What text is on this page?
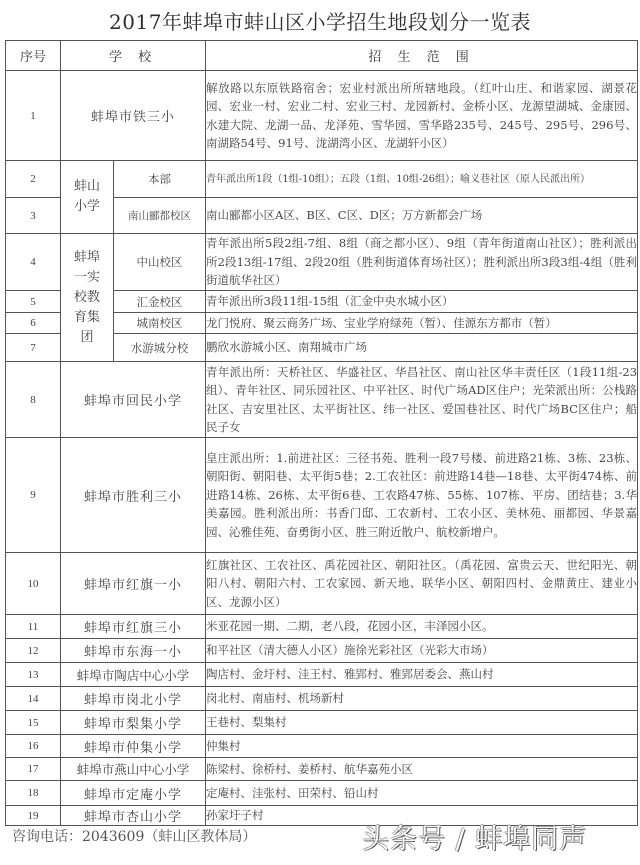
2017年蚌埠市蚌山区小学招生地段划分一览表
序号	学 校		招 生 范 围
1	蚌埠市铁三小		解放路以东原铁路宿舍；宏业村派出所所辖地段。（红叶山庄、和谐家园、湖景花园、宏业一村、宏业二村、宏业三村、龙园新村、金桥小区、龙源望湖城、金康园、水建大院、龙湖一品、龙泽苑、雪华园、雪华路235号、245号、295号、296号、南湖路54号、91号、泷湖湾小区、龙湖轩小区）
2	蚌山小学	本部	青年派出所1段（1组-10组）；五段（1组、10组-26组）；喻义巷社区（原人民派出所）
3		南山郦都校区	南山郦都小区A区、B区、C区、D区；万方新都会广场
4	蚌埠一实校教育集团	中山校区	青年派出所5段2组-7组、8组（商之都小区）、9组（青年街道南山社区）；胜利派出所2段13组-17组、2段20组（胜利街道体育场社区）；胜利派出所3段3组-4组（胜利街道航华社区）
5		汇金校区	青年派出所3段11组-15组（汇金中央水城小区）
6		城南校区	龙门悦府、聚云商务广场、宝业学府绿苑（暂）、佳源东方都市（暂）
7		水游城分校	鹏欣水游城小区、南翔城市广场
8	蚌埠市回民小学		青年派出所：天桥社区、华盛社区、华昌社区、南山社区华丰责任区（1段11组-23组）、青年社区、同乐园社区、中平社区、时代广场AD区住户；光荣派出所：公栈路社区、吉安里社区、太平街社区、纬一社区、爱国巷社区、时代广场BC区住户；船民子女
9	蚌埠市胜利三小		皇庄派出所：1.前进社区：三径书苑、胜利一段7号楼、前进路21栋、3栋、23栋、朝阳街、朝阳巷、太平街5巷；2.工农社区：前进路14巷—18巷、太平街474栋、前进路14栋、26栋、太平街6巷、工农路47栋、55栋、107栋、平房、团结巷；3.华美嘉园。胜利派出所：书香门邸、工农新村、工农小区、美林苑、丽都园、华景嘉园、沁雅佳苑、奋勇街小区、胜三附近散户、航校新增户。
10	蚌埠市红旗一小		红旗社区、工农社区、禹花园社区、朝阳社区。（禹花园、富贵云天、世纪阳光、朝阳八村、朝阳六村、工农家园、新天地、联华小区、朝阳四村、金鼎黄庄、建业小区、龙源小区）
11	蚌埠市红旗三小		米亚花园一期、二期，老八段，花园小区，丰泽园小区。
12	蚌埠市东海一小		和平社区（清大德人小区）施徐光彩社区（光彩大市场）
13	蚌埠市陶店中心小学		陶店村、金圩村、洼王村、雅郢村、雅郢居委会、燕山村
14	蚌埠市岗北小学		岗北村、南庙村、机场新村
15	蚌埠市梨集小学		王巷村、梨集村
16	蚌埠市仲集小学		仲集村
17	蚌埠市燕山中心小学		陈梁村、徐桥村、姜桥村、航华嘉苑小区
18	蚌埠市定庵小学		定庵村、洼张村、田荣村、铅山村
19	蚌埠市杏山小学		孙家圩子村
咨询电话：2043609（蚌山区教体局）	头条号 / 蚌埠同声
